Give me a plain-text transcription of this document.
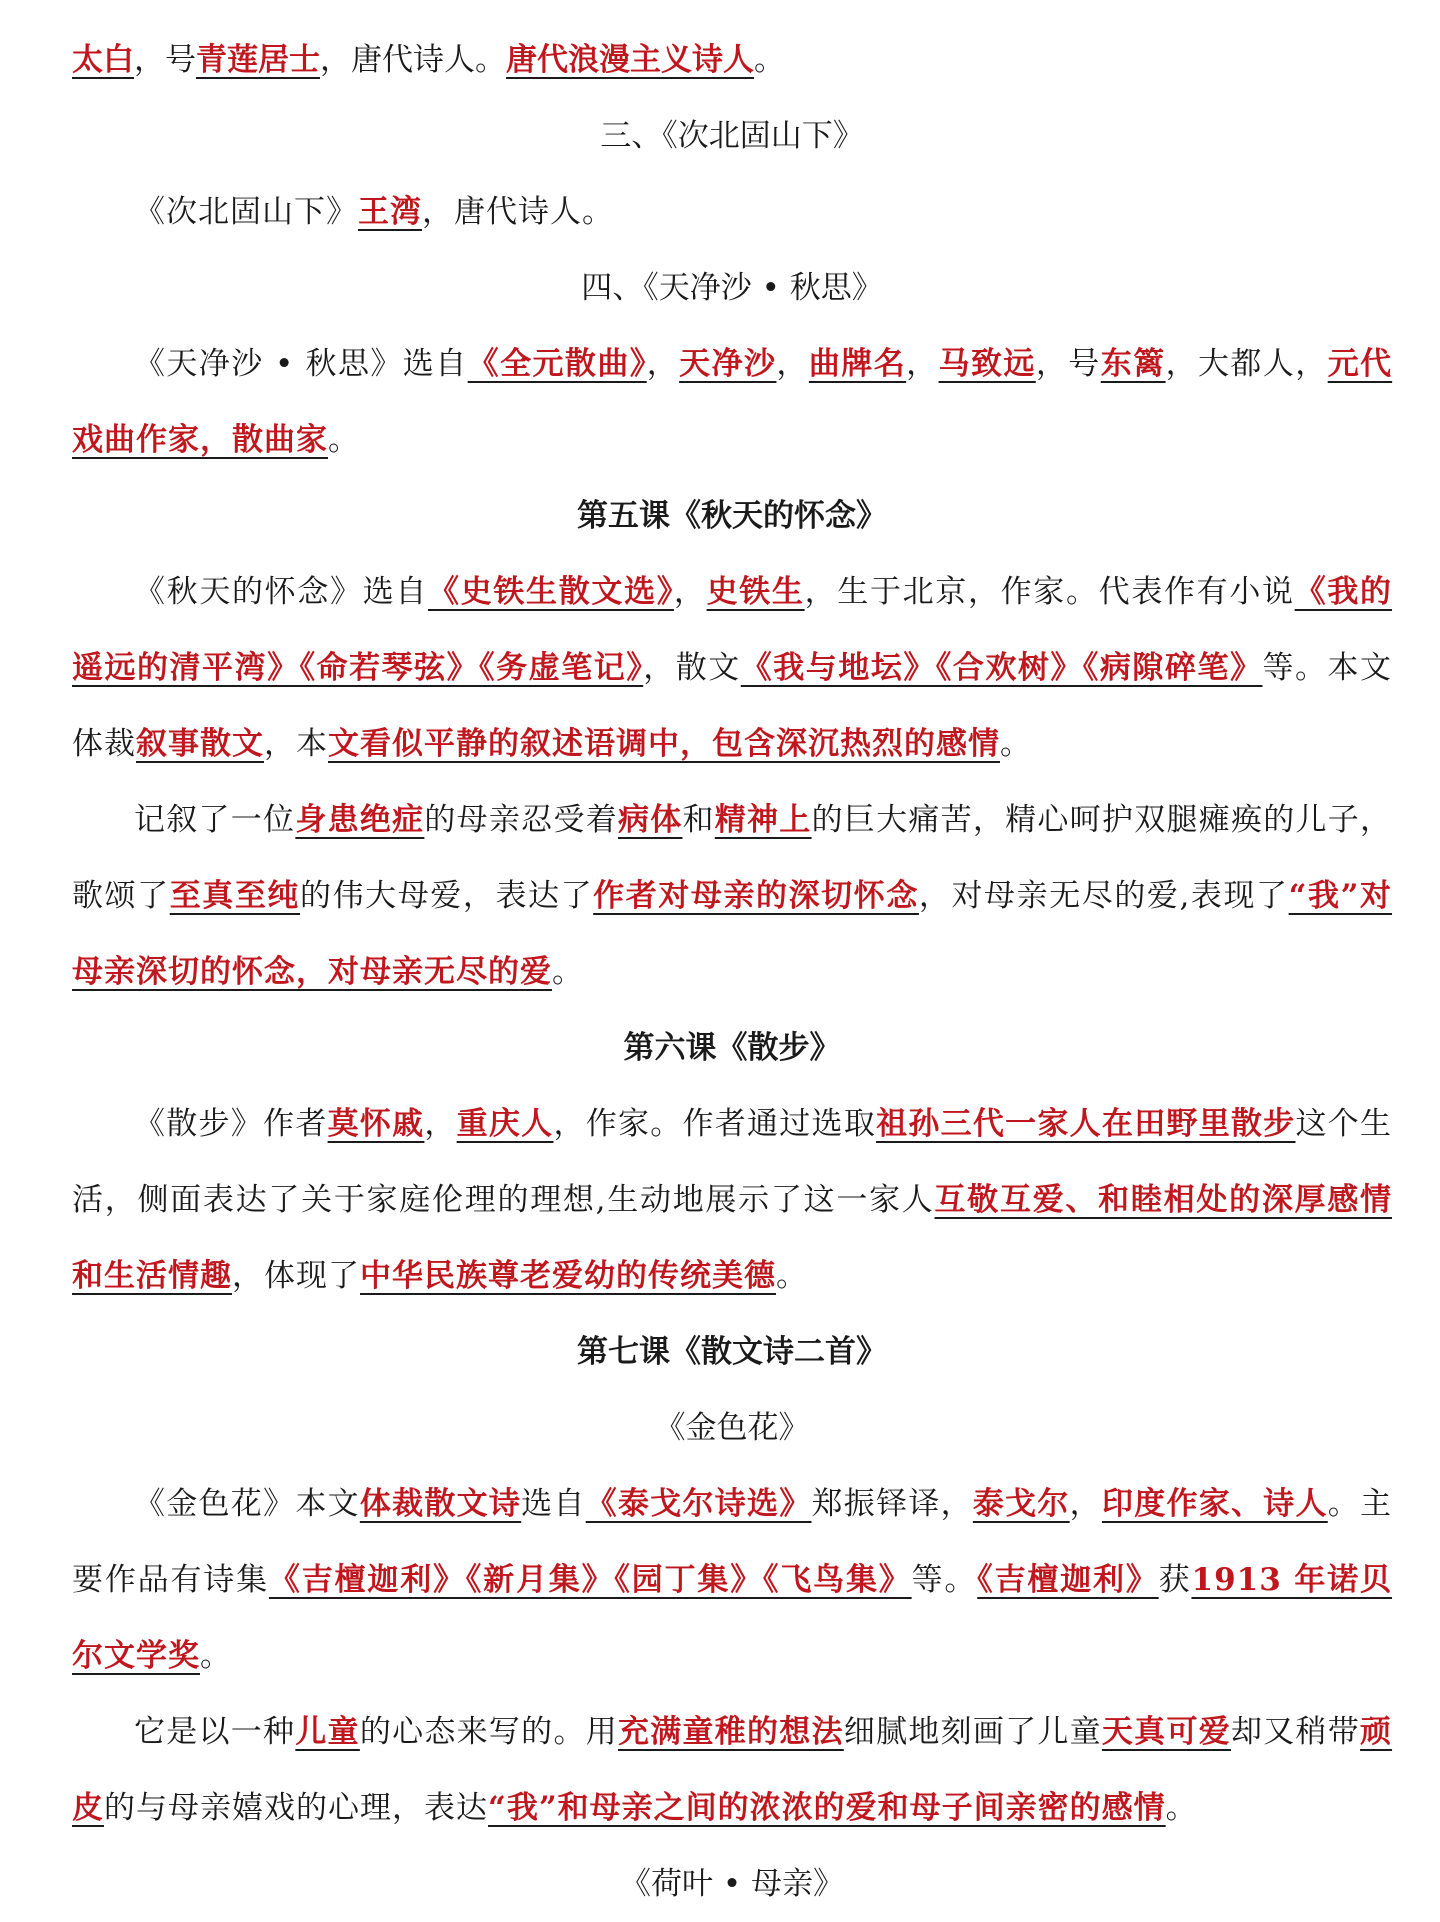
太白，号青莲居士，唐代诗人。唐代浪漫主义诗人。

三、《次北固山下》

《次北固山下》王湾，唐代诗人。

四、《天净沙 • 秋思》

《天净沙 • 秋思》选自《全元散曲》，天净沙，曲牌名，马致远，号东篱，大都人，元代戏曲作家，散曲家。

第五课《秋天的怀念》

《秋天的怀念》选自《史铁生散文选》，史铁生，生于北京，作家。代表作有小说《我的遥远的清平湾》《命若琴弦》《务虚笔记》，散文《我与地坛》《合欢树》《病隙碎笔》等。本文体裁叙事散文，本文看似平静的叙述语调中，包含深沉热烈的感情。

记叙了一位身患绝症的母亲忍受着病体和精神上的巨大痛苦，精心呵护双腿瘫痪的儿子，歌颂了至真至纯的伟大母爱，表达了作者对母亲的深切怀念，对母亲无尽的爱,表现了“我”对母亲深切的怀念，对母亲无尽的爱。

第六课《散步》

《散步》作者莫怀戚，重庆人，作家。作者通过选取祖孙三代一家人在田野里散步这个生活，侧面表达了关于家庭伦理的理想,生动地展示了这一家人互敬互爱、和睦相处的深厚感情和生活情趣，体现了中华民族尊老爱幼的传统美德。

第七课《散文诗二首》
《金色花》

《金色花》本文体裁散文诗选自《泰戈尔诗选》郑振铎译，泰戈尔，印度作家、诗人。主要作品有诗集《吉檀迦利》《新月集》《园丁集》《飞鸟集》等。《吉檀迦利》获1913 年诺贝尔文学奖。

它是以一种儿童的心态来写的。用充满童稚的想法细腻地刻画了儿童天真可爱却又稍带顽皮的与母亲嬉戏的心理，表达“我”和母亲之间的浓浓的爱和母子间亲密的感情。

《荷叶 • 母亲》
